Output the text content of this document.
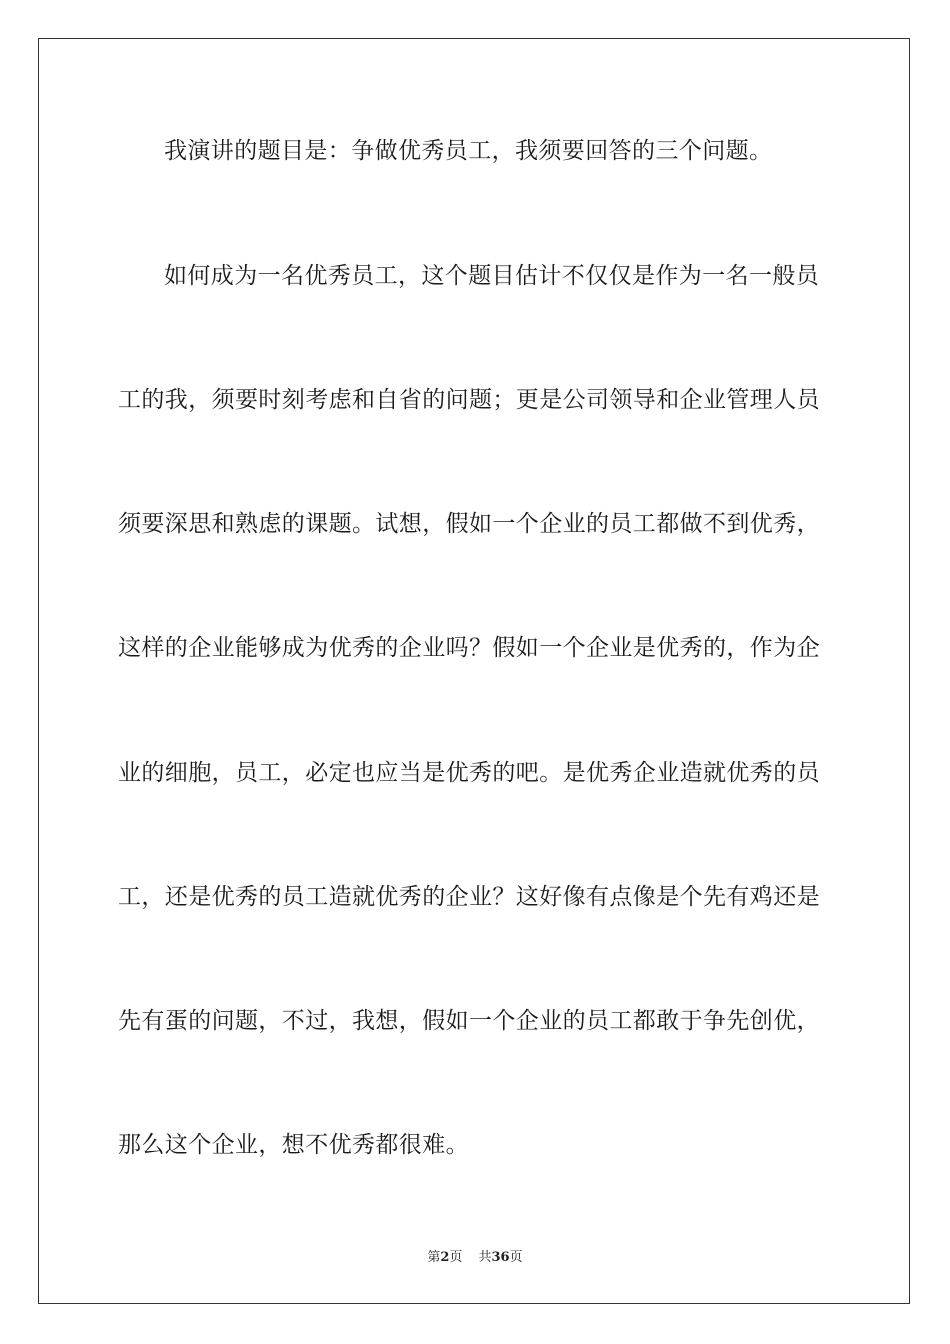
我演讲的题目是：争做优秀员工，我须要回答的三个问题。
如何成为一名优秀员工，这个题目估计不仅仅是作为一名一般员
工的我，须要时刻考虑和自省的问题；更是公司领导和企业管理人员
须要深思和熟虑的课题。试想，假如一个企业的员工都做不到优秀，
这样的企业能够成为优秀的企业吗？假如一个企业是优秀的，作为企
业的细胞，员工，必定也应当是优秀的吧。是优秀企业造就优秀的员
工，还是优秀的员工造就优秀的企业？这好像有点像是个先有鸡还是
先有蛋的问题，不过，我想，假如一个企业的员工都敢于争先创优，
那么这个企业，想不优秀都很难。
第2页 共36页
